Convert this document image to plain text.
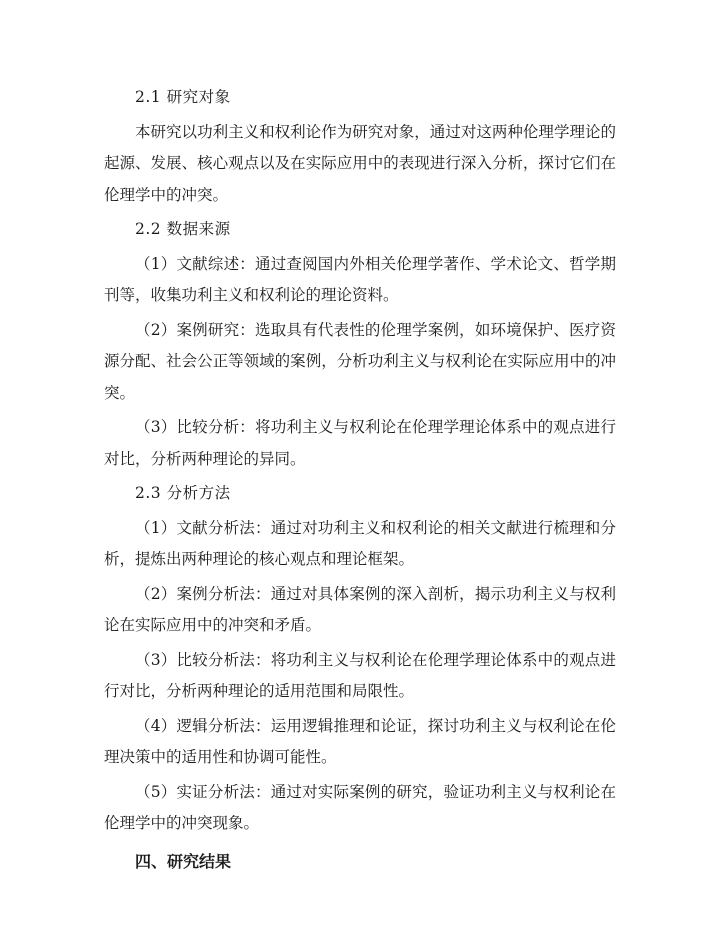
2.1 研究对象

本研究以功利主义和权利论作为研究对象，通过对这两种伦理学理论的起源、发展、核心观点以及在实际应用中的表现进行深入分析，探讨它们在伦理学中的冲突。

2.2 数据来源

（1）文献综述：通过查阅国内外相关伦理学著作、学术论文、哲学期刊等，收集功利主义和权利论的理论资料。

（2）案例研究：选取具有代表性的伦理学案例，如环境保护、医疗资源分配、社会公正等领域的案例，分析功利主义与权利论在实际应用中的冲突。

（3）比较分析：将功利主义与权利论在伦理学理论体系中的观点进行对比，分析两种理论的异同。

2.3 分析方法

（1）文献分析法：通过对功利主义和权利论的相关文献进行梳理和分析，提炼出两种理论的核心观点和理论框架。

（2）案例分析法：通过对具体案例的深入剖析，揭示功利主义与权利论在实际应用中的冲突和矛盾。

（3）比较分析法：将功利主义与权利论在伦理学理论体系中的观点进行对比，分析两种理论的适用范围和局限性。

（4）逻辑分析法：运用逻辑推理和论证，探讨功利主义与权利论在伦理决策中的适用性和协调可能性。

（5）实证分析法：通过对实际案例的研究，验证功利主义与权利论在伦理学中的冲突现象。

四、研究结果
